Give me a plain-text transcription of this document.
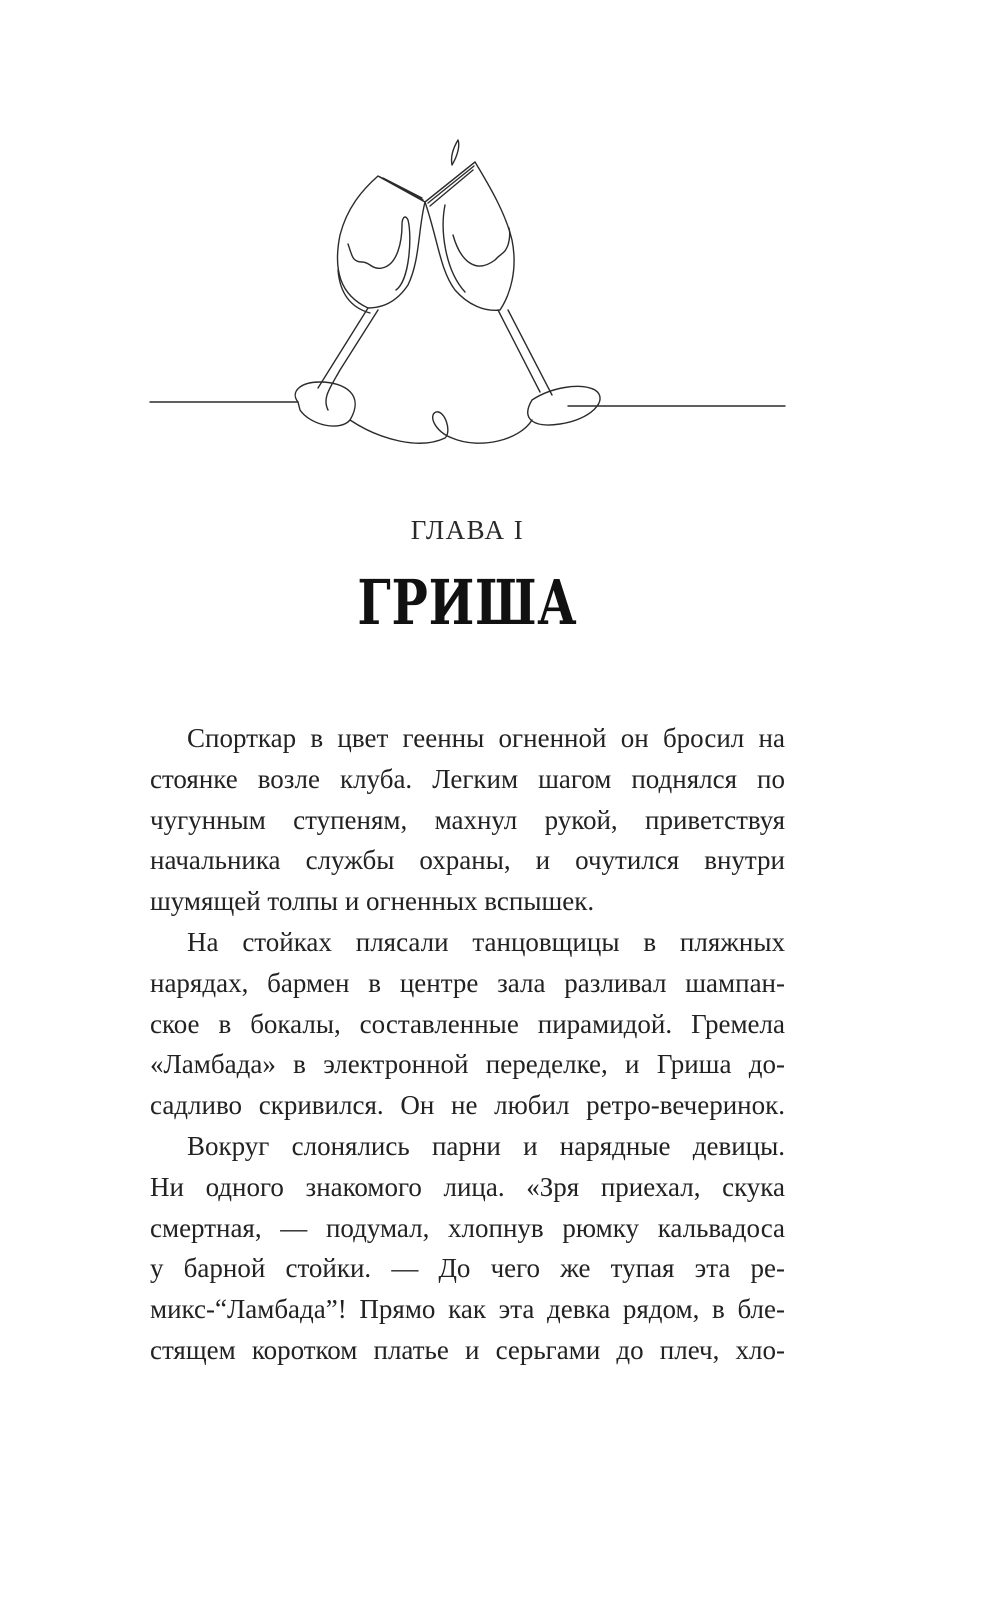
ГЛАВА I
ГРИША
Спорткар в цвет геенны огненной он бросил на
стоянке возле клуба. Легким шагом поднялся по
чугунным ступеням, махнул рукой, приветствуя
начальника службы охраны, и очутился внутри
шумящей толпы и огненных вспышек.
На стойках плясали танцовщицы в пляжных
нарядах, бармен в центре зала разливал шампан-
ское в бокалы, составленные пирамидой. Гремела
«Ламбада» в электронной переделке, и Гриша до-
садливо скривился. Он не любил ретро-вечеринок.
Вокруг слонялись парни и нарядные девицы.
Ни одного знакомого лица. «Зря приехал, скука
смертная, — подумал, хлопнув рюмку кальвадоса
у барной стойки. — До чего же тупая эта ре-
микс-“Ламбада”! Прямо как эта девка рядом, в бле-
стящем коротком платье и серьгами до плеч, хло-
